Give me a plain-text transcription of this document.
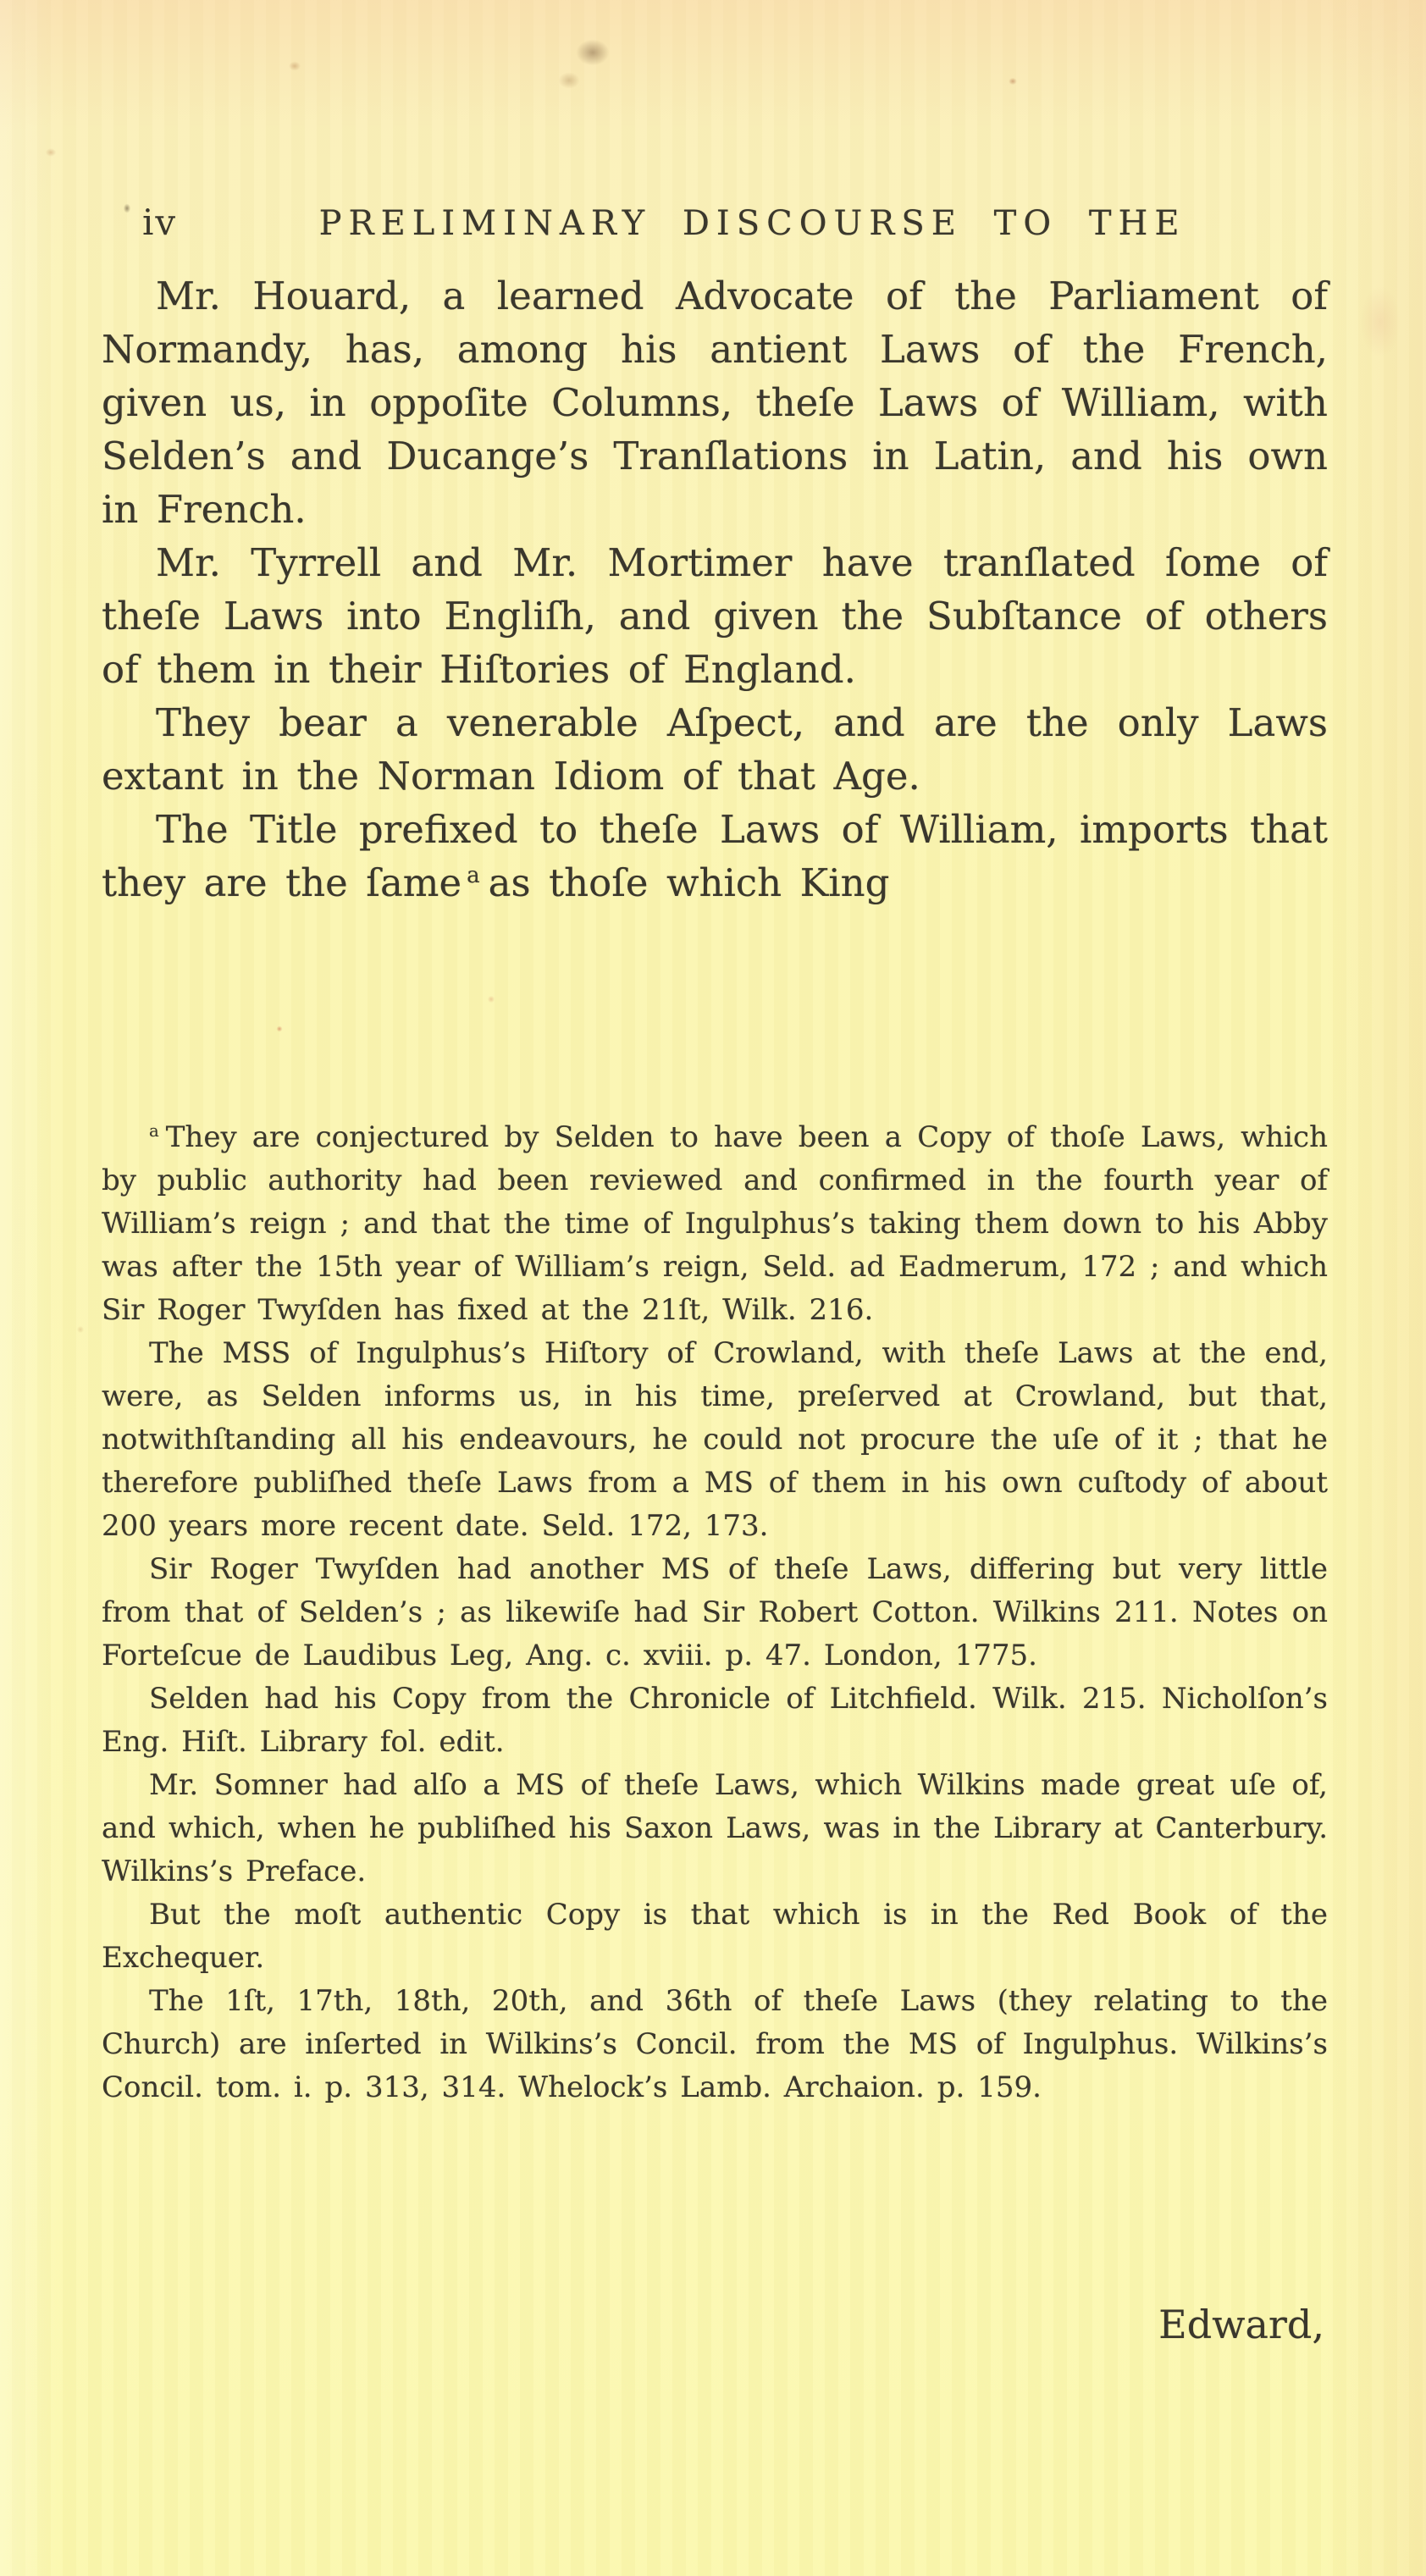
iv	PRELIMINARY DISCOURSE TO THE

Mr. Houard, a learned Advocate of the Parliament of Normandy, has, among his antient Laws of the French, given us, in oppoſite Columns, theſe Laws of William, with Selden’s and Ducange’s Tranſlations in Latin, and his own in French.

Mr. Tyrrell and Mr. Mortimer have tranſlated ſome of theſe Laws into Engliſh, and given the Subſtance of others of them in their Hiſtories of England.

They bear a venerable Aſpect, and are the only Laws extant in the Norman Idiom of that Age.

The Title prefixed to theſe Laws of William, imports that they are the ſame $^a$ as thoſe which King

$^a$ They are conjectured by Selden to have been a Copy of thoſe Laws, which by public authority had been reviewed and confirmed in the fourth year of William’s reign ; and that the time of Ingulphus’s taking them down to his Abby was after the 15th year of William’s reign, Seld. ad Eadmerum, 172 ; and which Sir Roger Twyſden has fixed at the 21ſt, Wilk. 216.

The MSS of Ingulphus’s Hiſtory of Crowland, with theſe Laws at the end, were, as Selden informs us, in his time, preſerved at Crowland, but that, notwithſtanding all his endeavours, he could not procure the uſe of it ; that he therefore publiſhed theſe Laws from a MS of them in his own cuſtody of about 200 years more recent date. Seld. 172, 173.

Sir Roger Twyſden had another MS of theſe Laws, differing but very little from that of Selden’s ; as likewiſe had Sir Robert Cotton. Wilkins 211. Notes on Forteſcue de Laudibus Leg, Ang. c. xviii. p. 47. London, 1775.

Selden had his Copy from the Chronicle of Litchfield. Wilk. 215. Nicholſon’s Eng. Hiſt. Library fol. edit.

Mr. Somner had alſo a MS of theſe Laws, which Wilkins made great uſe of, and which, when he publiſhed his Saxon Laws, was in the Library at Canterbury. Wilkins’s Preface.

But the moſt authentic Copy is that which is in the Red Book of the Exchequer.

The 1ſt, 17th, 18th, 20th, and 36th of theſe Laws (they relating to the Church) are inſerted in Wilkins’s Concil. from the MS of Ingulphus. Wilkins’s Concil. tom. i. p. 313, 314. Whelock’s Lamb. Archaion. p. 159.

Edward,
